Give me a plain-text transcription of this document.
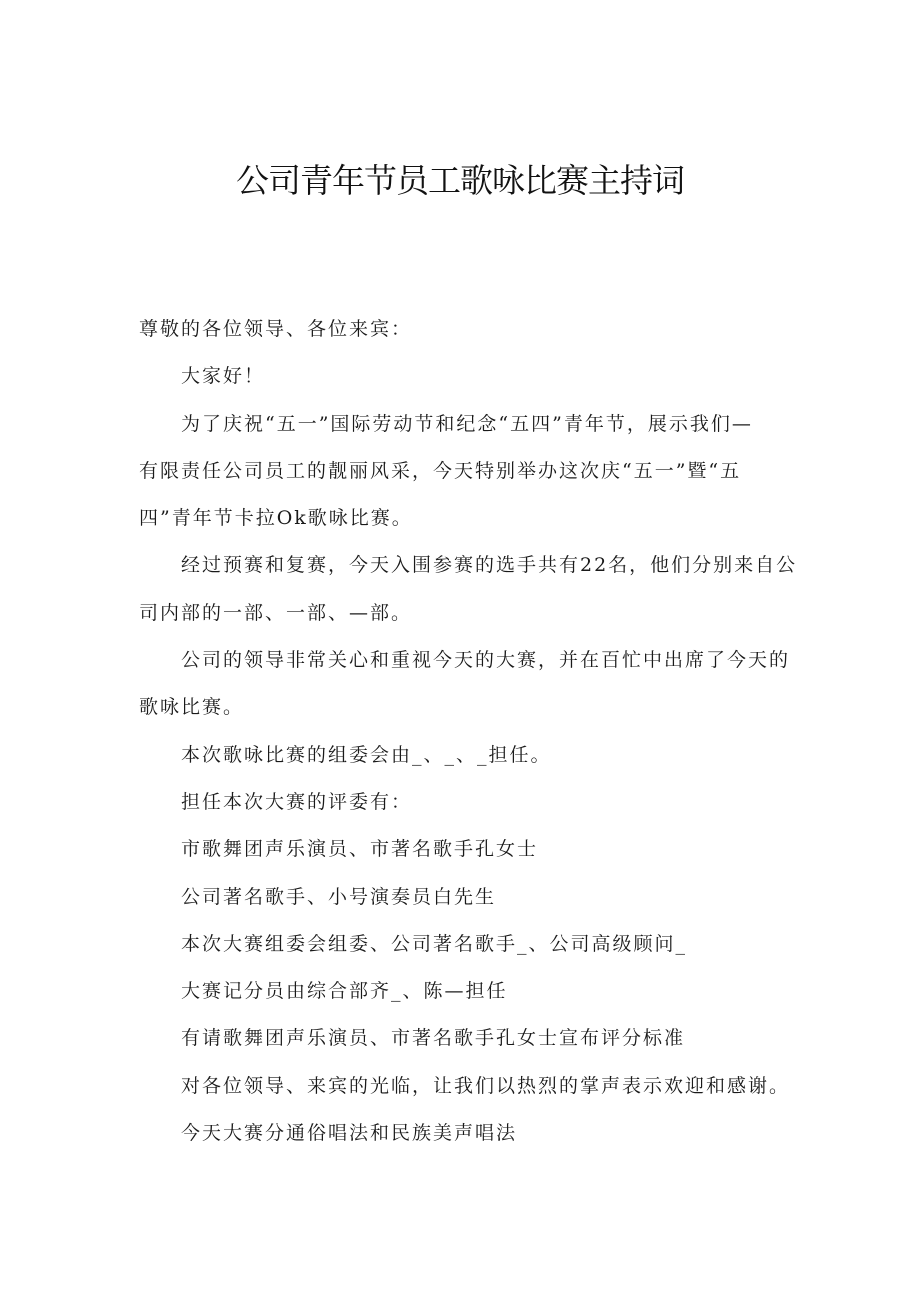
公司青年节员工歌咏比赛主持词

尊敬的各位领导、各位来宾：

大家好！

为了庆祝“五一”国际劳动节和纪念“五四”青年节，展示我们—

有限责任公司员工的靓丽风采，今天特别举办这次庆“五一”暨“五

四”青年节卡拉Ok歌咏比赛。

经过预赛和复赛，今天入围参赛的选手共有22名，他们分别来自公

司内部的一部、一部、—部。

公司的领导非常关心和重视今天的大赛，并在百忙中出席了今天的

歌咏比赛。

本次歌咏比赛的组委会由_、_、_担任。

担任本次大赛的评委有：

市歌舞团声乐演员、市著名歌手孔女士

公司著名歌手、小号演奏员白先生

本次大赛组委会组委、公司著名歌手_、公司高级顾问_

大赛记分员由综合部齐_、陈—担任

有请歌舞团声乐演员、市著名歌手孔女士宣布评分标准

对各位领导、来宾的光临，让我们以热烈的掌声表示欢迎和感谢。

今天大赛分通俗唱法和民族美声唱法
